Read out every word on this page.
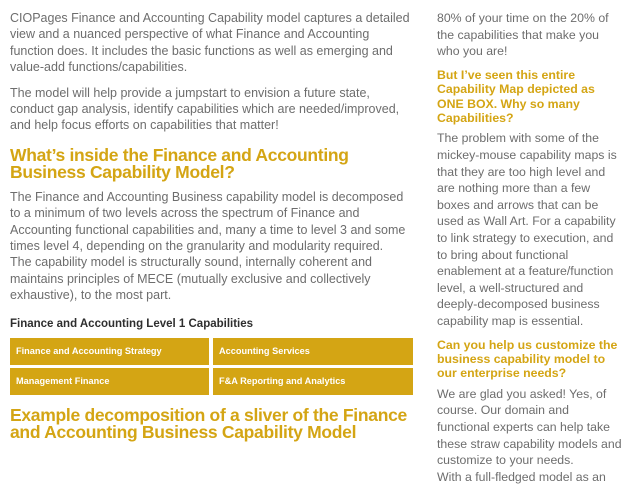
CIOPages Finance and Accounting Capability model captures a detailed view and a nuanced perspective of what Finance and Accounting function does. It includes the basic functions as well as emerging and value-add functions/capabilities.

The model will help provide a jumpstart to envision a future state, conduct gap analysis, identify capabilities which are needed/improved, and help focus efforts on capabilities that matter!

What’s inside the Finance and Accounting Business Capability Model?

The Finance and Accounting Business capability model is decomposed to a minimum of two levels across the spectrum of Finance and Accounting functional capabilities and, many a time to level 3 and some times level 4, depending on the granularity and modularity required.

The capability model is structurally sound, internally coherent and maintains principles of MECE (mutually exclusive and collectively exhaustive), to the most part.

Finance and Accounting Level 1 Capabilities
Finance and Accounting Strategy	Accounting Services
Management Finance	F&A Reporting and Analytics
Example decomposition of a sliver of the Finance and Accounting Business Capability Model

80% of your time on the 20% of the capabilities that make you who you are!

But I’ve seen this entire Capability Map depicted as ONE BOX. Why so many Capabilities?

The problem with some of the mickey-mouse capability maps is that they are too high level and are nothing more than a few boxes and arrows that can be used as Wall Art. For a capability to link strategy to execution, and to bring about functional enablement at a feature/function level, a well-structured and deeply-decomposed business capability map is essential.

Can you help us customize the business capability model to our enterprise needs?

We are glad you asked! Yes, of course. Our domain and functional experts can help take these straw capability models and customize to your needs.

With a full-fledged model as an
